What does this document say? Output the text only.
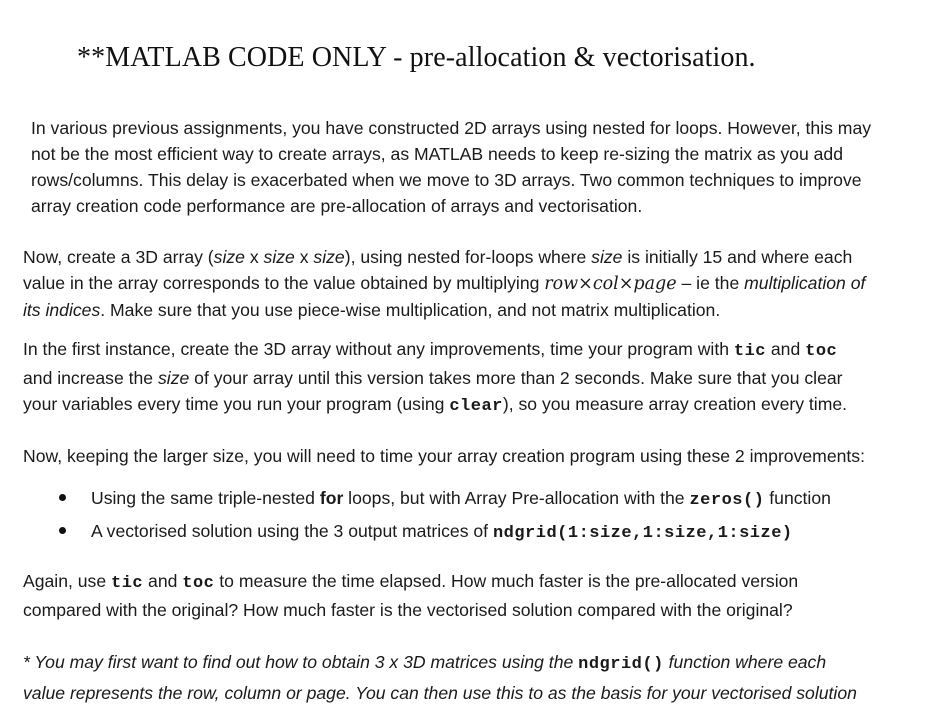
**MATLAB CODE ONLY - pre-allocation & vectorisation.
In various previous assignments, you have constructed 2D arrays using nested for loops. However, this may
not be the most efficient way to create arrays, as MATLAB needs to keep re-sizing the matrix as you add
rows/columns. This delay is exacerbated when we move to 3D arrays. Two common techniques to improve
array creation code performance are pre-allocation of arrays and vectorisation.
Now, create a 3D array (size x size x size), using nested for-loops where size is initially 15 and where each
value in the array corresponds to the value obtained by multiplying row×col×page – ie the multiplication of
its indices. Make sure that you use piece-wise multiplication, and not matrix multiplication.
In the first instance, create the 3D array without any improvements, time your program with tic and toc
and increase the size of your array until this version takes more than 2 seconds. Make sure that you clear
your variables every time you run your program (using clear), so you measure array creation every time.
Now, keeping the larger size, you will need to time your array creation program using these 2 improvements:
Using the same triple-nested for loops, but with Array Pre-allocation with the zeros() function
A vectorised solution using the 3 output matrices of ndgrid(1:size,1:size,1:size)
Again, use tic and toc to measure the time elapsed. How much faster is the pre-allocated version
compared with the original? How much faster is the vectorised solution compared with the original?
* You may first want to find out how to obtain 3 x 3D matrices using the ndgrid() function where each
value represents the row, column or page. You can then use this to as the basis for your vectorised solution
